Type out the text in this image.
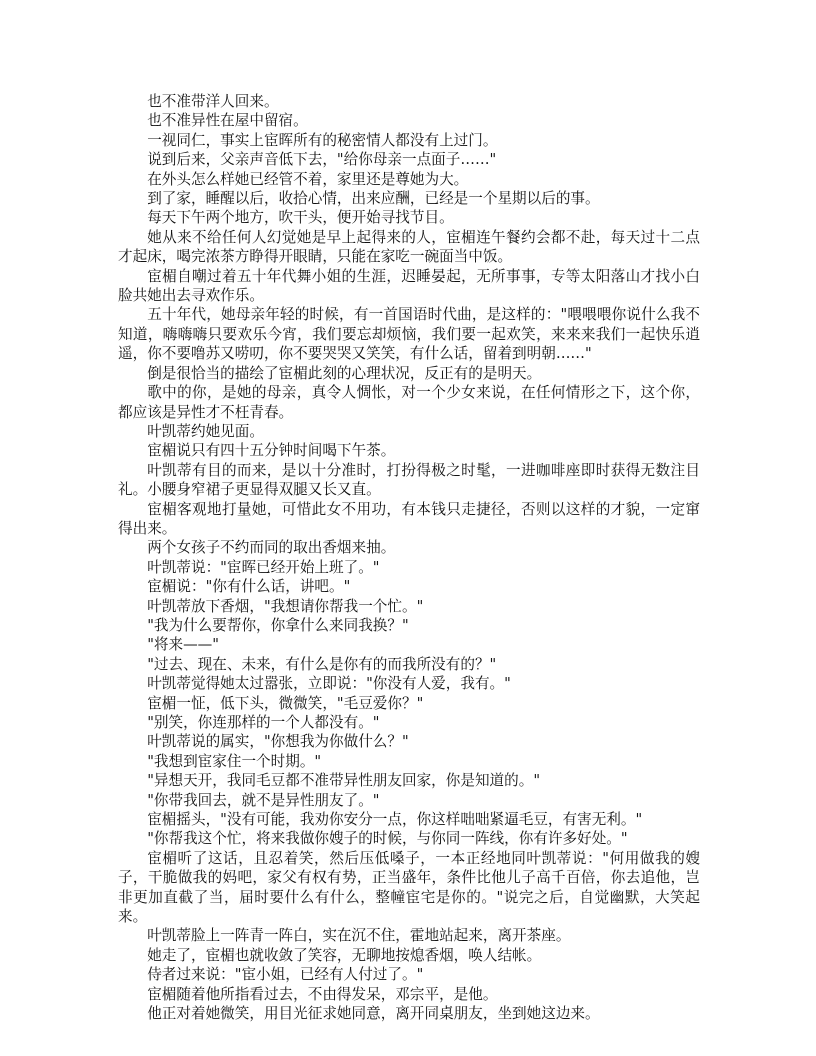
也不准带洋人回来。

也不准异性在屋中留宿。

一视同仁，事实上宦晖所有的秘密情人都没有上过门。

说到后来，父亲声音低下去，"给你母亲一点面子……"

在外头怎么样她已经管不着，家里还是尊她为大。

到了家，睡醒以后，收拾心情，出来应酬，已经是一个星期以后的事。

每天下午两个地方，吹干头，便开始寻找节目。

她从来不给任何人幻觉她是早上起得来的人，宦楣连午餐约会都不赴，每天过十二点才起床，喝完浓茶方睁得开眼睛，只能在家吃一碗面当中饭。

宦楣自嘲过着五十年代舞小姐的生涯，迟睡晏起，无所事事，专等太阳落山才找小白脸共她出去寻欢作乐。

五十年代，她母亲年轻的时候，有一首国语时代曲，是这样的："喂喂喂你说什么我不知道，嗨嗨嗨只要欢乐今宵，我们要忘却烦恼，我们要一起欢笑，来来来我们一起快乐逍遥，你不要噜苏又唠叨，你不要哭哭又笑笑，有什么话，留着到明朝……"

倒是很恰当的描绘了宦楣此刻的心理状况，反正有的是明天。

歌中的你，是她的母亲，真令人惆怅，对一个少女来说，在任何情形之下，这个你，都应该是异性才不枉青春。

叶凯蒂约她见面。

宦楣说只有四十五分钟时间喝下午茶。

叶凯蒂有目的而来，是以十分准时，打扮得极之时髦，一进咖啡座即时获得无数注目礼。小腰身窄裙子更显得双腿又长又直。

宦楣客观地打量她，可惜此女不用功，有本钱只走捷径，否则以这样的才貌，一定窜得出来。

两个女孩子不约而同的取出香烟来抽。

叶凯蒂说："宦晖已经开始上班了。"

宦楣说："你有什么话，讲吧。"

叶凯蒂放下香烟，"我想请你帮我一个忙。"

"我为什么要帮你，你拿什么来同我换？"

"将来——"

"过去、现在、未来，有什么是你有的而我所没有的？"

叶凯蒂觉得她太过嚣张，立即说："你没有人爱，我有。"

宦楣一怔，低下头，微微笑，"毛豆爱你？"

"别笑，你连那样的一个人都没有。"

叶凯蒂说的属实，"你想我为你做什么？"

"我想到宦家住一个时期。"

"异想天开，我同毛豆都不准带异性朋友回家，你是知道的。"

"你带我回去，就不是异性朋友了。"

宦楣摇头，"没有可能，我劝你安分一点，你这样咄咄紧逼毛豆，有害无利。"

"你帮我这个忙，将来我做你嫂子的时候，与你同一阵线，你有许多好处。"

宦楣听了这话，且忍着笑，然后压低嗓子，一本正经地同叶凯蒂说："何用做我的嫂子，干脆做我的妈吧，家父有权有势，正当盛年，条件比他儿子高千百倍，你去追他，岂非更加直截了当，届时要什么有什么，整幢宦宅是你的。"说完之后，自觉幽默，大笑起来。

叶凯蒂脸上一阵青一阵白，实在沉不住，霍地站起来，离开茶座。

她走了，宦楣也就收敛了笑容，无聊地按熄香烟，唤人结帐。

侍者过来说："宦小姐，已经有人付过了。"

宦楣随着他所指看过去，不由得发呆，邓宗平，是他。

他正对着她微笑，用目光征求她同意，离开同桌朋友，坐到她这边来。
